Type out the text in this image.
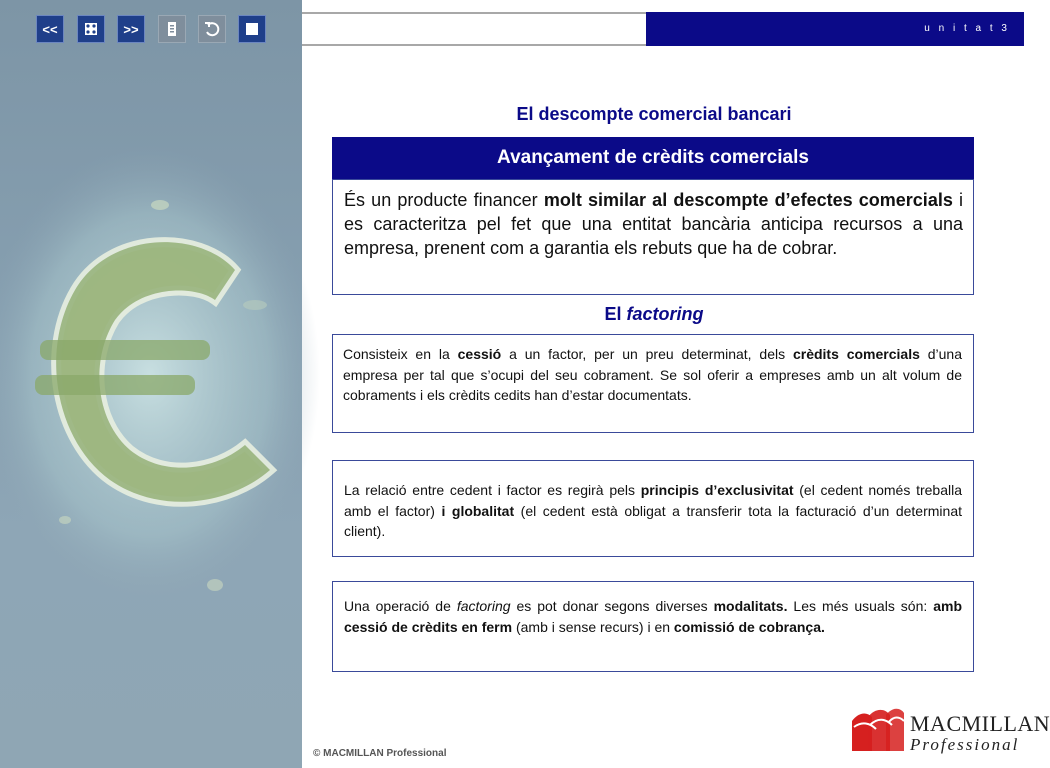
<<	>>	u n i t a t 3
El descompte comercial bancari
Avançament de crèdits comercials
És un producte financer molt similar al descompte d’efectes comercials i es caracteritza pel fet que una entitat bancària anticipa recursos a una empresa, prenent com a garantia els rebuts que ha de cobrar.
El factoring
Consisteix en la cessió a un factor, per un preu determinat, dels crèdits comercials d’una empresa per tal que s’ocupi del seu cobrament. Se sol oferir a empreses amb un alt volum de cobraments i els crèdits cedits han d’estar documentats.
La relació entre cedent i factor es regirà pels principis d’exclusivitat (el cedent només treballa amb el factor) i globalitat (el cedent està obligat a transferir tota la facturació d’un determinat client).
Una operació de factoring es pot donar segons diverses modalitats. Les més usuals són: amb cessió de crèdits en ferm (amb i sense recurs) i en comissió de cobrança.
© MACMILLAN Professional
MACMILLAN
Professional
